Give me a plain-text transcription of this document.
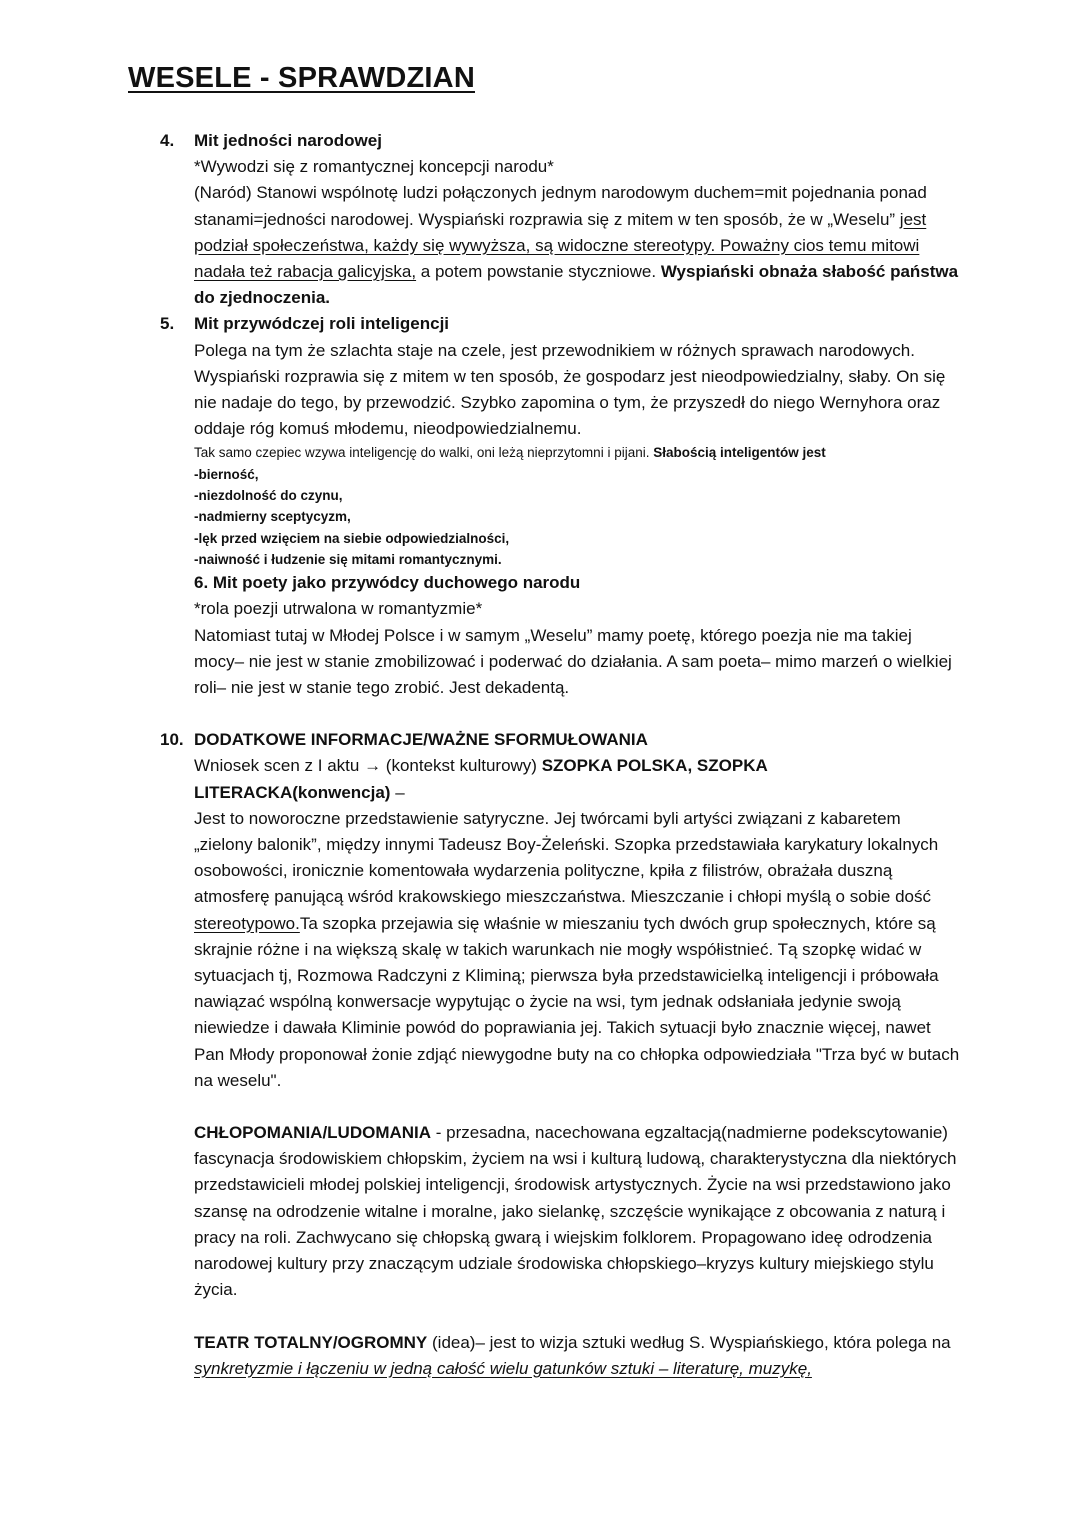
WESELE - SPRAWDZIAN
4. Mit jedności narodowej

*Wywodzi się z romantycznej koncepcji narodu*

(Naród) Stanowi wspólnotę ludzi połączonych jednym narodowym duchem=mit pojednania ponad stanami=jedności narodowej. Wyspiański rozprawia się z mitem w ten sposób, że w „Weselu” jest podział społeczeństwa, każdy się wywyższa, są widoczne stereotypy. Poważny cios temu mitowi nadała też rabacja galicyjska, a potem powstanie styczniowe. Wyspiański obnaża słabość państwa do zjednoczenia.

5. Mit przywódczej roli inteligencji

Polega na tym że szlachta staje na czele, jest przewodnikiem w różnych sprawach narodowych. Wyspiański rozprawia się z mitem w ten sposób, że gospodarz jest nieodpowiedzialny, słaby. On się nie nadaje do tego, by przewodzić. Szybko zapomina o tym, że przyszedł do niego Wernyhora oraz oddaje róg komuś młodemu, nieodpowiedzialnemu.

Tak samo czepiec wzywa inteligencję do walki, oni leżą nieprzytomni i pijani. Słabością inteligentów jest

-bierność,

-niezdolność do czynu,

-nadmierny sceptycyzm,

-lęk przed wzięciem na siebie odpowiedzialności,

-naiwność i łudzenie się mitami romantycznymi.

6. Mit poety jako przywódcy duchowego narodu

*rola poezji utrwalona w romantyzmie*

Natomiast tutaj w Młodej Polsce i w samym „Weselu” mamy poetę, którego poezja nie ma takiej mocy– nie jest w stanie zmobilizować i poderwać do działania. A sam poeta– mimo marzeń o wielkiej roli– nie jest w stanie tego zrobić. Jest dekadentą.

10. DODATKOWE INFORMACJE/WAŻNE SFORMUŁOWANIA

Wniosek scen z I aktu → (kontekst kulturowy) SZOPKA POLSKA, SZOPKA LITERACKA(konwencja) –

Jest to noworoczne przedstawienie satyryczne. Jej twórcami byli artyści związani z kabaretem „zielony balonik”, między innymi Tadeusz Boy-Żeleński. Szopka przedstawiała karykatury lokalnych osobowości, ironicznie komentowała wydarzenia polityczne, kpiła z filistrów, obrażała duszną atmosferę panującą wśród krakowskiego mieszczaństwa. Mieszczanie i chłopi myślą o sobie dość stereotypowo.Ta szopka przejawia się właśnie w mieszaniu tych dwóch grup społecznych, które są skrajnie różne i na większą skalę w takich warunkach nie mogły współistnieć. Tą szopkę widać w sytuacjach tj, Rozmowa Radczyni z Kliminą; pierwsza była przedstawicielką inteligencji i próbowała nawiązać wspólną konwersacje wypytując o życie na wsi, tym jednak odsłaniała jedynie swoją niewiedze i dawała Kliminie powód do poprawiania jej. Takich sytuacji było znacznie więcej, nawet Pan Młody proponował żonie zdjąć niewygodne buty na co chłopka odpowiedziała "Trza być w butach na weselu".

CHŁOPOMANIA/LUDOMANIA - przesadna, nacechowana egzaltacją(nadmierne podekscytowanie) fascynacja środowiskiem chłopskim, życiem na wsi i kulturą ludową, charakterystyczna dla niektórych przedstawicieli młodej polskiej inteligencji, środowisk artystycznych. Życie na wsi przedstawiono jako szansę na odrodzenie witalne i moralne, jako sielankę, szczęście wynikające z obcowania z naturą i pracy na roli. Zachwycano się chłopską gwarą i wiejskim folklorem. Propagowano ideę odrodzenia narodowej kultury przy znaczącym udziale środowiska chłopskiego–kryzys kultury miejskiego stylu życia.

TEATR TOTALNY/OGROMNY (idea)– jest to wizja sztuki według S. Wyspiańskiego, która polega na synkretyzmie i łączeniu w jedną całość wielu gatunków sztuki – literaturę, muzykę,
